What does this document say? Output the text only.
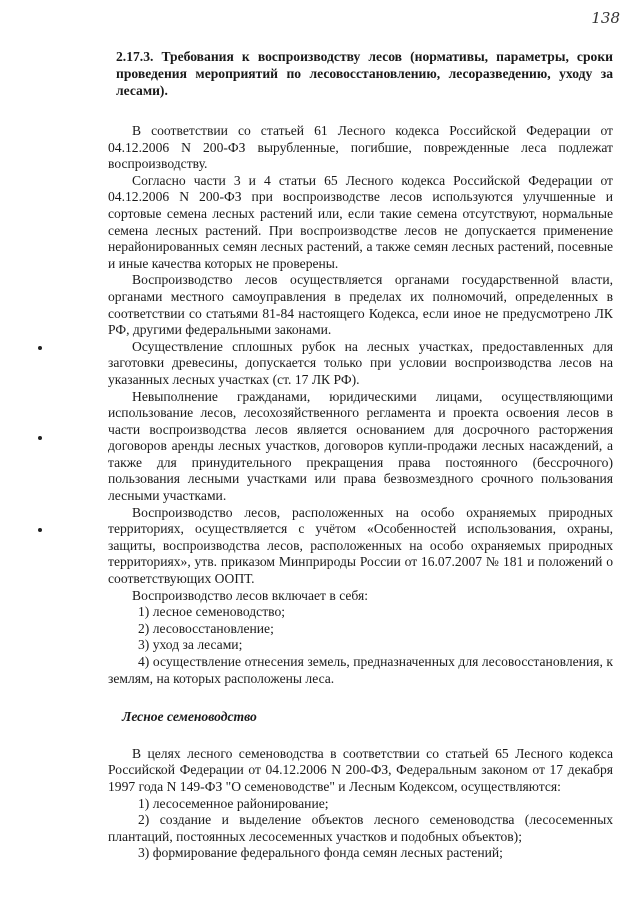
138
2.17.3. Требования к воспроизводству лесов (нормативы, параметры, сроки проведения мероприятий по лесовосстановлению, лесоразведению, уходу за лесами).

В соответствии со статьей 61 Лесного кодекса Российской Федерации от 04.12.2006 N 200-ФЗ вырубленные, погибшие, поврежденные леса подлежат воспроизводству.

Согласно части 3 и 4 статьи 65 Лесного кодекса Российской Федерации от 04.12.2006 N 200-ФЗ при воспроизводстве лесов используются улучшенные и сортовые семена лесных растений или, если такие семена отсутствуют, нормальные семена лесных растений. При воспроизводстве лесов не допускается применение нерайонированных семян лесных растений, а также семян лесных растений, посевные и иные качества которых не проверены.

Воспроизводство лесов осуществляется органами государственной власти, органами местного самоуправления в пределах их полномочий, определенных в соответствии со статьями 81-84 настоящего Кодекса, если иное не предусмотрено ЛК РФ, другими федеральными законами.

Осуществление сплошных рубок на лесных участках, предоставленных для заготовки древесины, допускается только при условии воспроизводства лесов на указанных лесных участках (ст. 17 ЛК РФ).

Невыполнение гражданами, юридическими лицами, осуществляющими использование лесов, лесохозяйственного регламента и проекта освоения лесов в части воспроизводства лесов является основанием для досрочного расторжения договоров аренды лесных участков, договоров купли-продажи лесных насаждений, а также для принудительного прекращения права постоянного (бессрочного) пользования лесными участками или права безвозмездного срочного пользования лесными участками.

Воспроизводство лесов, расположенных на особо охраняемых природных территориях, осуществляется с учётом «Особенностей использования, охраны, защиты, воспроизводства лесов, расположенных на особо охраняемых природных территориях», утв. приказом Минприроды России от 16.07.2007 № 181 и положений о соответствующих ООПТ.

Воспроизводство лесов включает в себя:

1) лесное семеноводство;

2) лесовосстановление;

3) уход за лесами;

4) осуществление отнесения земель, предназначенных для лесовосстановления, к землям, на которых расположены леса.

Лесное семеноводство

В целях лесного семеноводства в соответствии со статьей 65 Лесного кодекса Российской Федерации от 04.12.2006 N 200-ФЗ, Федеральным законом от 17 декабря 1997 года N 149-ФЗ "О семеноводстве" и Лесным Кодексом, осуществляются:

1) лесосеменное районирование;

2) создание и выделение объектов лесного семеноводства (лесосеменных плантаций, постоянных лесосеменных участков и подобных объектов);

3) формирование федерального фонда семян лесных растений;
